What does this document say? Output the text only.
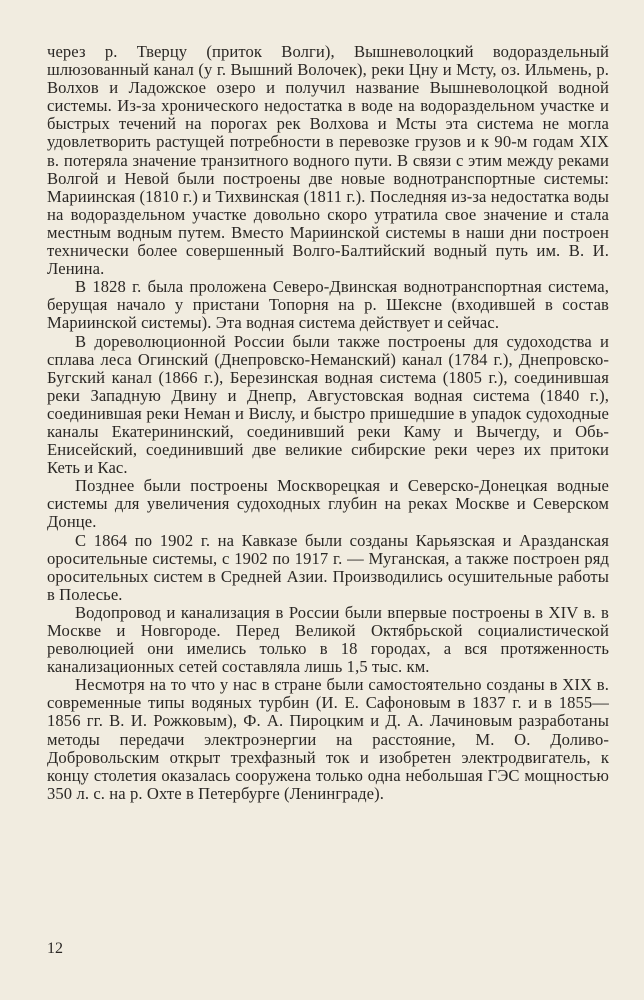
через р. Тверцу (приток Волги), Вышневолоцкий водораздельный шлюзованный канал (у г. Вышний Волочек), реки Цну и Мсту, оз. Ильмень, р. Волхов и Ладожское озеро и получил название Вышневолоцкой водной системы. Из-за хронического недостатка в воде на водораздельном участке и быстрых течений на порогах рек Волхова и Мсты эта система не могла удовлетворить растущей потребности в перевозке грузов и к 90-м годам XIX в. потеряла значение транзитного водного пути. В связи с этим между реками Волгой и Невой были построены две новые воднотранспортные системы: Мариинская (1810 г.) и Тихвинская (1811 г.). Последняя из-за недостатка воды на водораздельном участке довольно скоро утратила свое значение и стала местным водным путем. Вместо Мариинской системы в наши дни построен технически более совершенный Волго-Балтийский водный путь им. В. И. Ленина.

В 1828 г. была проложена Северо-Двинская воднотранспортная система, берущая начало у пристани Топорня на р. Шексне (входившей в состав Мариинской системы). Эта водная система действует и сейчас.

В дореволюционной России были также построены для судоходства и сплава леса Огинский (Днепровско-Неманский) канал (1784 г.), Днепровско-Бугский канал (1866 г.), Березинская водная система (1805 г.), соединившая реки Западную Двину и Днепр, Августовская водная система (1840 г.), соединившая реки Неман и Вислу, и быстро пришедшие в упадок судоходные каналы Екатерининский, соединивший реки Каму и Вычегду, и Обь-Енисейский, соединивший две великие сибирские реки через их притоки Кеть и Кас.

Позднее были построены Москворецкая и Северско-Донецкая водные системы для увеличения судоходных глубин на реках Москве и Северском Донце.

С 1864 по 1902 г. на Кавказе были созданы Карьязская и Аразданская оросительные системы, с 1902 по 1917 г. — Муганская, а также построен ряд оросительных систем в Средней Азии. Производились осушительные работы в Полесье.

Водопровод и канализация в России были впервые построены в XIV в. в Москве и Новгороде. Перед Великой Октябрьской социалистической революцией они имелись только в 18 городах, а вся протяженность канализационных сетей составляла лишь 1,5 тыс. км.

Несмотря на то что у нас в стране были самостоятельно созданы в XIX в. современные типы водяных турбин (И. Е. Сафоновым в 1837 г. и в 1855—1856 гг. В. И. Рожковым), Ф. А. Пироцким и Д. А. Лачиновым разработаны методы передачи электроэнергии на расстояние, М. О. Доливо-Добровольским открыт трехфазный ток и изобретен электродвигатель, к концу столетия оказалась сооружена только одна небольшая ГЭС мощностью 350 л. с. на р. Охте в Петербурге (Ленинграде).

12
